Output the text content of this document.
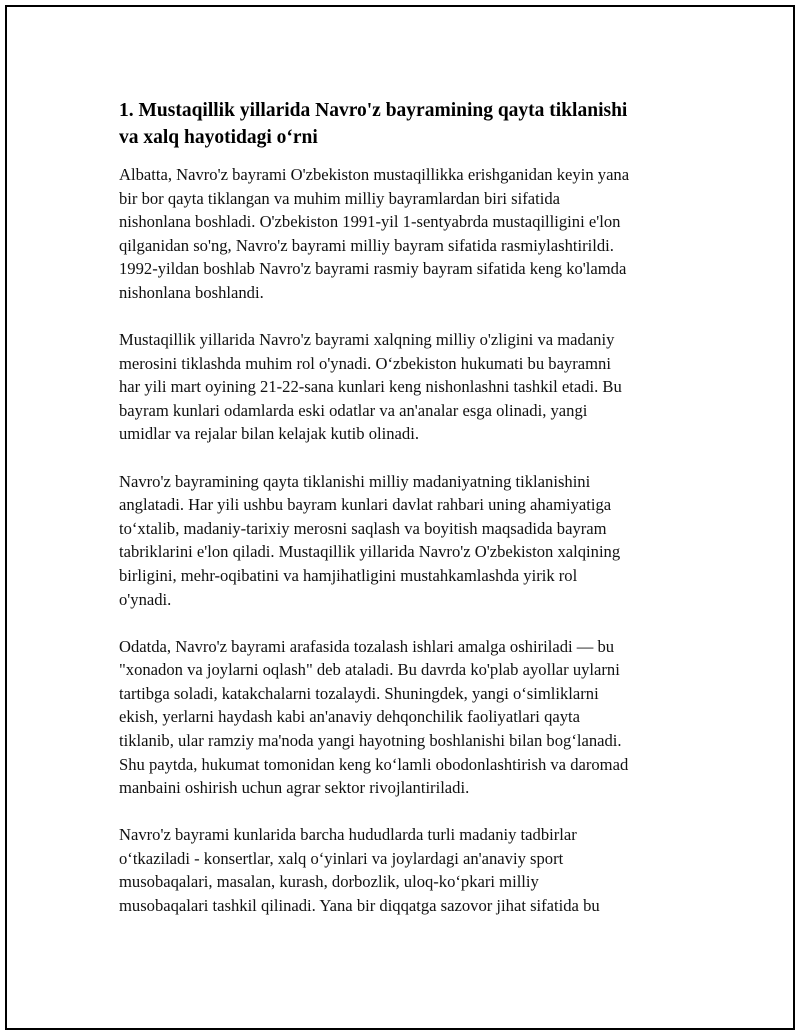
1. Mustaqillik yillarida Navro'z bayramining qayta tiklanishi
va xalq hayotidagi o‘rni

Albatta, Navro'z bayrami O'zbekiston mustaqillikka erishganidan keyin yana
bir bor qayta tiklangan va muhim milliy bayramlardan biri sifatida
nishonlana boshladi. O'zbekiston 1991-yil 1-sentyabrda mustaqilligini e'lon
qilganidan so'ng, Navro'z bayrami milliy bayram sifatida rasmiylashtirildi.
1992-yildan boshlab Navro'z bayrami rasmiy bayram sifatida keng ko'lamda
nishonlana boshlandi.

Mustaqillik yillarida Navro'z bayrami xalqning milliy o'zligini va madaniy
merosini tiklashda muhim rol o'ynadi. O‘zbekiston hukumati bu bayramni
har yili mart oyining 21-22-sana kunlari keng nishonlashni tashkil etadi. Bu
bayram kunlari odamlarda eski odatlar va an'analar esga olinadi, yangi
umidlar va rejalar bilan kelajak kutib olinadi.

Navro'z bayramining qayta tiklanishi milliy madaniyatning tiklanishini
anglatadi. Har yili ushbu bayram kunlari davlat rahbari uning ahamiyatiga
to‘xtalib, madaniy-tarixiy merosni saqlash va boyitish maqsadida bayram
tabriklarini e'lon qiladi. Mustaqillik yillarida Navro'z O'zbekiston xalqining
birligini, mehr-oqibatini va hamjihatligini mustahkamlashda yirik rol
o'ynadi.

Odatda, Navro'z bayrami arafasida tozalash ishlari amalga oshiriladi — bu
"xonadon va joylarni oqlash" deb ataladi. Bu davrda ko'plab ayollar uylarni
tartibga soladi, katakchalarni tozalaydi. Shuningdek, yangi o‘simliklarni
ekish, yerlarni haydash kabi an'anaviy dehqonchilik faoliyatlari qayta
tiklanib, ular ramziy ma'noda yangi hayotning boshlanishi bilan bog‘lanadi.
Shu paytda, hukumat tomonidan keng ko‘lamli obodonlashtirish va daromad
manbaini oshirish uchun agrar sektor rivojlantiriladi.

Navro'z bayrami kunlarida barcha hududlarda turli madaniy tadbirlar
o‘tkaziladi - konsertlar, xalq o‘yinlari va joylardagi an'anaviy sport
musobaqalari, masalan, kurash, dorbozlik, uloq-ko‘pkari milliy
musobaqalari tashkil qilinadi. Yana bir diqqatga sazovor jihat sifatida bu
